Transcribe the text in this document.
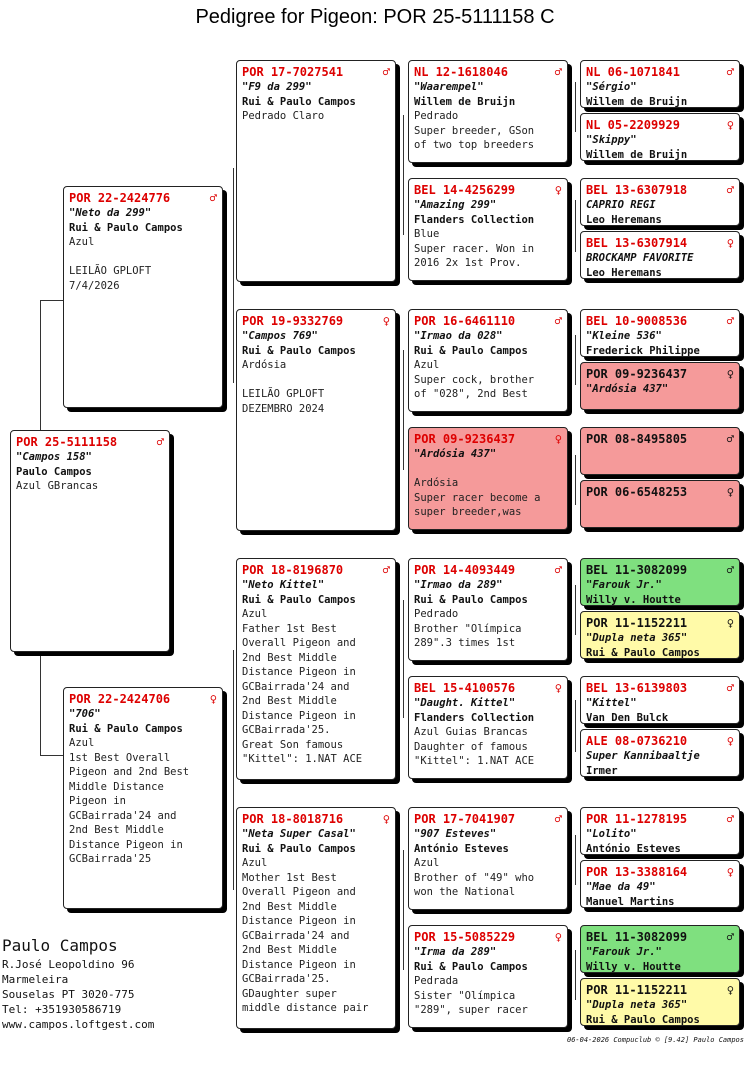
Pedigree for Pigeon: POR 25-5111158 C
POR 25-5111158	♂
"Campos 158"
Paulo Campos
Azul GBrancas
POR 22-2424776	♂
"Neto da 299"
Rui & Paulo Campos
Azul

LEILÃO GPLOFT
7/4/2026
POR 22-2424706	♀
"706"
Rui & Paulo Campos
Azul
1st Best Overall
Pigeon and 2nd Best
Middle Distance
Pigeon in
GCBairrada'24 and
2nd Best Middle
Distance Pigeon in
GCBairrada'25
POR 17-7027541	♂
"F9 da 299"
Rui & Paulo Campos
Pedrado Claro
POR 19-9332769	♀
"Campos 769"
Rui & Paulo Campos
Ardósia

LEILÃO GPLOFT
DEZEMBRO 2024
POR 18-8196870	♂
"Neto Kittel"
Rui & Paulo Campos
Azul
Father 1st Best
Overall Pigeon and
2nd Best Middle
Distance Pigeon in
GCBairrada'24 and
2nd Best Middle
Distance Pigeon in
GCBairrada'25.
Great Son famous
"Kittel": 1.NAT ACE
POR 18-8018716	♀
"Neta Super Casal"
Rui & Paulo Campos
Azul
Mother 1st Best
Overall Pigeon and
2nd Best Middle
Distance Pigeon in
GCBairrada'24 and
2nd Best Middle
Distance Pigeon in
GCBairrada'25.
GDaughter super
middle distance pair
NL 12-1618046	♂
"Waarempel"
Willem de Bruijn
Pedrado
Super breeder, GSon
of two top breeders
BEL 14-4256299	♀
"Amazing 299"
Flanders Collection
Blue
Super racer. Won in
2016 2x 1st Prov.
POR 16-6461110	♂
"Irmao da 028"
Rui & Paulo Campos
Azul
Super cock, brother
of "028", 2nd Best
POR 09-9236437	♀
"Ardósia 437"

Ardósia
Super racer become a
super breeder,was
POR 14-4093449	♂
"Irmao da 289"
Rui & Paulo Campos
Pedrado
Brother "Olímpica
289".3 times 1st
BEL 15-4100576	♀
"Daught. Kittel"
Flanders Collection
Azul Guias Brancas
Daughter of famous
"Kittel": 1.NAT ACE
POR 17-7041907	♂
"907 Esteves"
António Esteves
Azul
Brother of "49" who
won the National
POR 15-5085229	♀
"Irma da 289"
Rui & Paulo Campos
Pedrada
Sister "Olímpica
"289", super racer
NL 06-1071841	♂
"Sérgio"
Willem de Bruijn
NL 05-2209929	♀
"Skippy"
Willem de Bruijn
BEL 13-6307918	♂
CAPRIO REGI
Leo Heremans
BEL 13-6307914	♀
BROCKAMP FAVORITE
Leo Heremans
BEL 10-9008536	♂
"Kleine 536"
Frederick Philippe
POR 09-9236437	♀
"Ardósia 437"
POR 08-8495805	♂
POR 06-6548253	♀
BEL 11-3082099	♂
"Farouk Jr."
Willy v. Houtte
POR 11-1152211	♀
"Dupla neta 365"
Rui & Paulo Campos
BEL 13-6139803	♂
"Kittel"
Van Den Bulck
ALE 08-0736210	♀
Super Kannibaaltje
Irmer
POR 11-1278195	♂
"Lolito"
António Esteves
POR 13-3388164	♀
"Mae da 49"
Manuel Martins
BEL 11-3082099	♂
"Farouk Jr."
Willy v. Houtte
POR 11-1152211	♀
"Dupla neta 365"
Rui & Paulo Campos
Paulo Campos
R.José Leopoldino 96
Marmeleira
Souselas PT 3020-775
Tel: +351930586719
www.campos.loftgest.com
06-04-2026 Compuclub © [9.42] Paulo Campos
